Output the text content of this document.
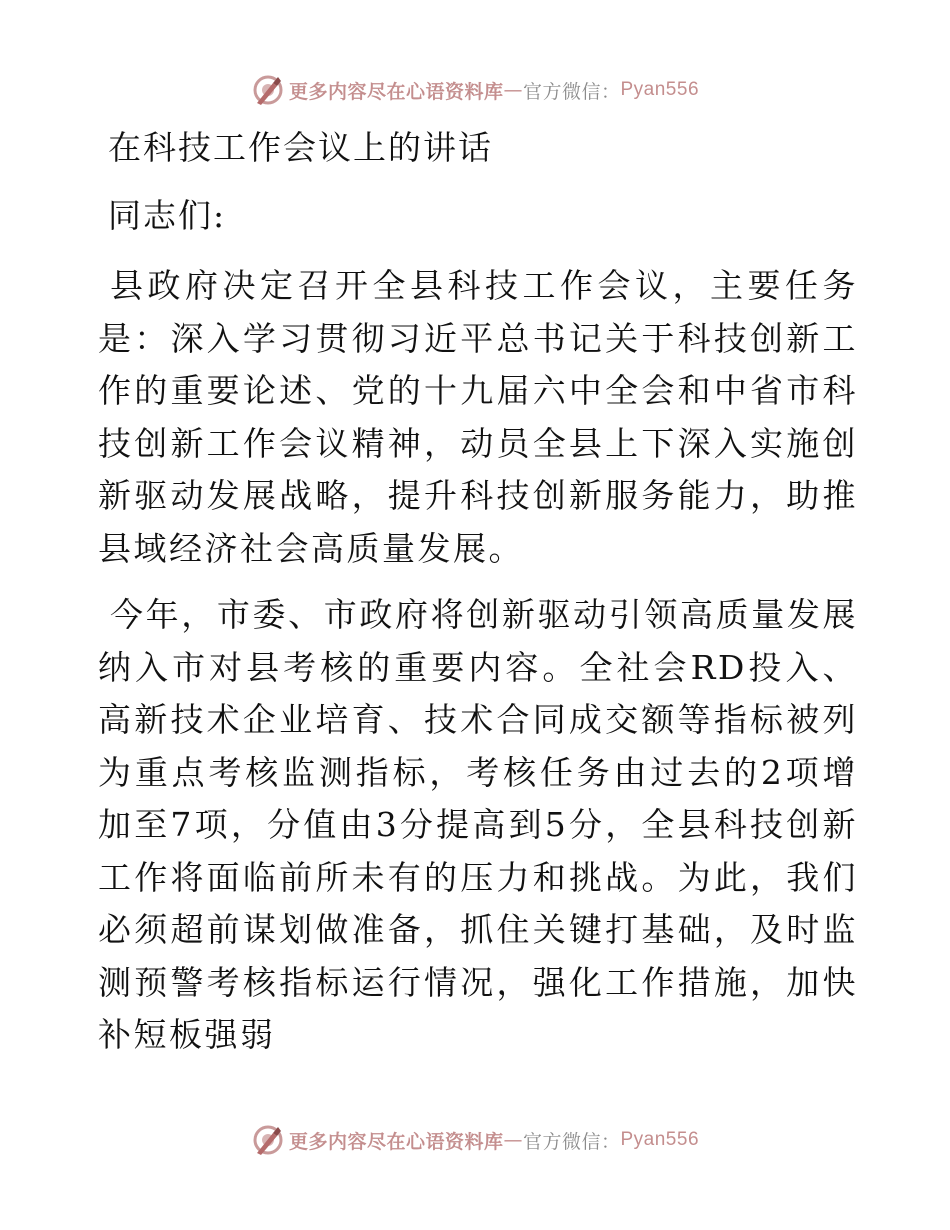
更多内容尽在心语资料库 — 官方微信： Pyan556
在科技工作会议上的讲话

同志们:

县政府决定召开全县科技工作会议，主要任务是：深入学习贯彻习近平总书记关于科技创新工作的重要论述、党的十九届六中全会和中省市科技创新工作会议精神，动员全县上下深入实施创新驱动发展战略，提升科技创新服务能力，助推县域经济社会高质量发展。

今年，市委、市政府将创新驱动引领高质量发展纳入市对县考核的重要内容。全社会RD投入、高新技术企业培育、技术合同成交额等指标被列为重点考核监测指标，考核任务由过去的2项增加至7项，分值由3分提高到5分，全县科技创新工作将面临前所未有的压力和挑战。为此，我们必须超前谋划做准备，抓住关键打基础，及时监测预警考核指标运行情况，强化工作措施，加快补短板强弱

更多内容尽在心语资料库 — 官方微信： Pyan556
